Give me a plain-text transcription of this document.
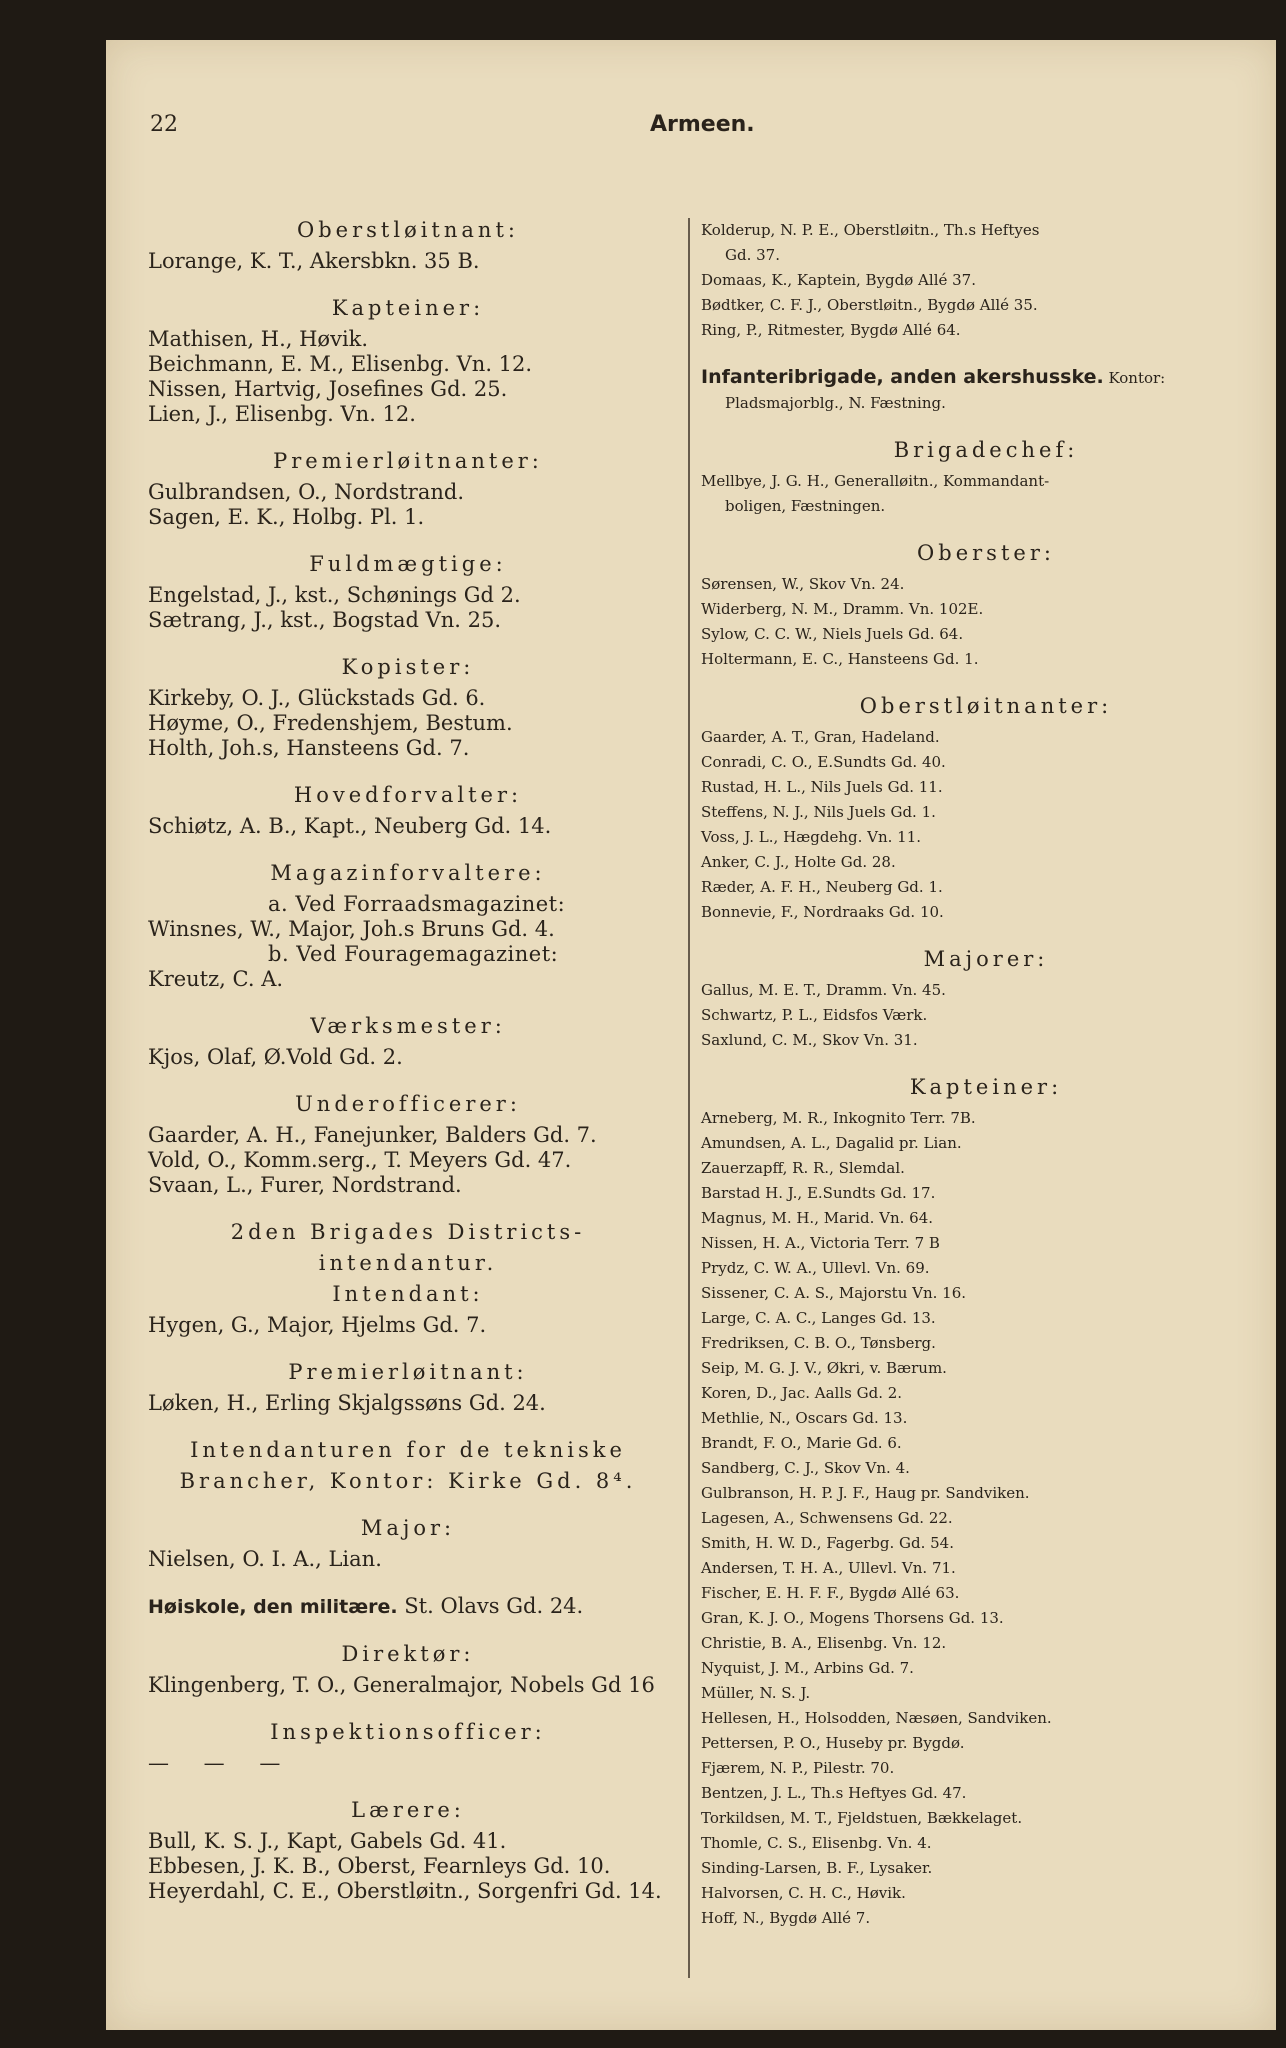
22	Armeen.
Oberstløitnant:
Lorange, K. T., Akersbkn. 35 B.
Kapteiner:
Mathisen, H., Høvik.
Beichmann, E. M., Elisenbg. Vn. 12.
Nissen, Hartvig, Josefines Gd. 25.
Lien, J., Elisenbg. Vn. 12.
Premierløitnanter:
Gulbrandsen, O., Nordstrand.
Sagen, E. K., Holbg. Pl. 1.
Fuldmægtige:
Engelstad, J., kst., Schønings Gd 2.
Sætrang, J., kst., Bogstad Vn. 25.
Kopister:
Kirkeby, O. J., Glückstads Gd. 6.
Høyme, O., Fredenshjem, Bestum.
Holth, Joh.s, Hansteens Gd. 7.
Hovedforvalter:
Schiøtz, A. B., Kapt., Neuberg Gd. 14.
Magazinforvaltere:
a. Ved Forraadsmagazinet:
Winsnes, W., Major, Joh.s Bruns Gd. 4.
b. Ved Fouragemagazinet:
Kreutz, C. A.
Værksmester:
Kjos, Olaf, Ø.Vold Gd. 2.
Underofficerer:
Gaarder, A. H., Fanejunker, Balders Gd. 7.
Vold, O., Komm.serg., T. Meyers Gd. 47.
Svaan, L., Furer, Nordstrand.
2den Brigades Districts-
intendantur.
Intendant:
Hygen, G., Major, Hjelms Gd. 7.
Premierløitnant:
Løken, H., Erling Skjalgssøns Gd. 24.
Intendanturen for de tekniske
Brancher, Kontor: Kirke Gd. 8⁴.
Major:
Nielsen, O. I. A., Lian.
Høiskole, den militære. St. Olavs Gd. 24.
Direktør:
Klingenberg, T. O., Generalmajor, Nobels Gd 16
Inspektionsofficer:
— — —
Lærere:
Bull, K. S. J., Kapt, Gabels Gd. 41.
Ebbesen, J. K. B., Oberst, Fearnleys Gd. 10.
Heyerdahl, C. E., Oberstløitn., Sorgenfri Gd. 14.
Kolderup, N. P. E., Oberstløitn., Th.s Heftyes
Gd. 37.
Domaas, K., Kaptein, Bygdø Allé 37.
Bødtker, C. F. J., Oberstløitn., Bygdø Allé 35.
Ring, P., Ritmester, Bygdø Allé 64.
Infanteribrigade, anden akershusske. Kontor:
Pladsmajorblg., N. Fæstning.
Brigadechef:
Mellbye, J. G. H., Generalløitn., Kommandant-
boligen, Fæstningen.
Oberster:
Sørensen, W., Skov Vn. 24.
Widerberg, N. M., Dramm. Vn. 102E.
Sylow, C. C. W., Niels Juels Gd. 64.
Holtermann, E. C., Hansteens Gd. 1.
Oberstløitnanter:
Gaarder, A. T., Gran, Hadeland.
Conradi, C. O., E.Sundts Gd. 40.
Rustad, H. L., Nils Juels Gd. 11.
Steffens, N. J., Nils Juels Gd. 1.
Voss, J. L., Hægdehg. Vn. 11.
Anker, C. J., Holte Gd. 28.
Ræder, A. F. H., Neuberg Gd. 1.
Bonnevie, F., Nordraaks Gd. 10.
Majorer:
Gallus, M. E. T., Dramm. Vn. 45.
Schwartz, P. L., Eidsfos Værk.
Saxlund, C. M., Skov Vn. 31.
Kapteiner:
Arneberg, M. R., Inkognito Terr. 7B.
Amundsen, A. L., Dagalid pr. Lian.
Zauerzapff, R. R., Slemdal.
Barstad H. J., E.Sundts Gd. 17.
Magnus, M. H., Marid. Vn. 64.
Nissen, H. A., Victoria Terr. 7 B
Prydz, C. W. A., Ullevl. Vn. 69.
Sissener, C. A. S., Majorstu Vn. 16.
Large, C. A. C., Langes Gd. 13.
Fredriksen, C. B. O., Tønsberg.
Seip, M. G. J. V., Økri, v. Bærum.
Koren, D., Jac. Aalls Gd. 2.
Methlie, N., Oscars Gd. 13.
Brandt, F. O., Marie Gd. 6.
Sandberg, C. J., Skov Vn. 4.
Gulbranson, H. P. J. F., Haug pr. Sandviken.
Lagesen, A., Schwensens Gd. 22.
Smith, H. W. D., Fagerbg. Gd. 54.
Andersen, T. H. A., Ullevl. Vn. 71.
Fischer, E. H. F. F., Bygdø Allé 63.
Gran, K. J. O., Mogens Thorsens Gd. 13.
Christie, B. A., Elisenbg. Vn. 12.
Nyquist, J. M., Arbins Gd. 7.
Müller, N. S. J.
Hellesen, H., Holsodden, Næsøen, Sandviken.
Pettersen, P. O., Huseby pr. Bygdø.
Fjærem, N. P., Pilestr. 70.
Bentzen, J. L., Th.s Heftyes Gd. 47.
Torkildsen, M. T., Fjeldstuen, Bækkelaget.
Thomle, C. S., Elisenbg. Vn. 4.
Sinding-Larsen, B. F., Lysaker.
Halvorsen, C. H. C., Høvik.
Hoff, N., Bygdø Allé 7.
